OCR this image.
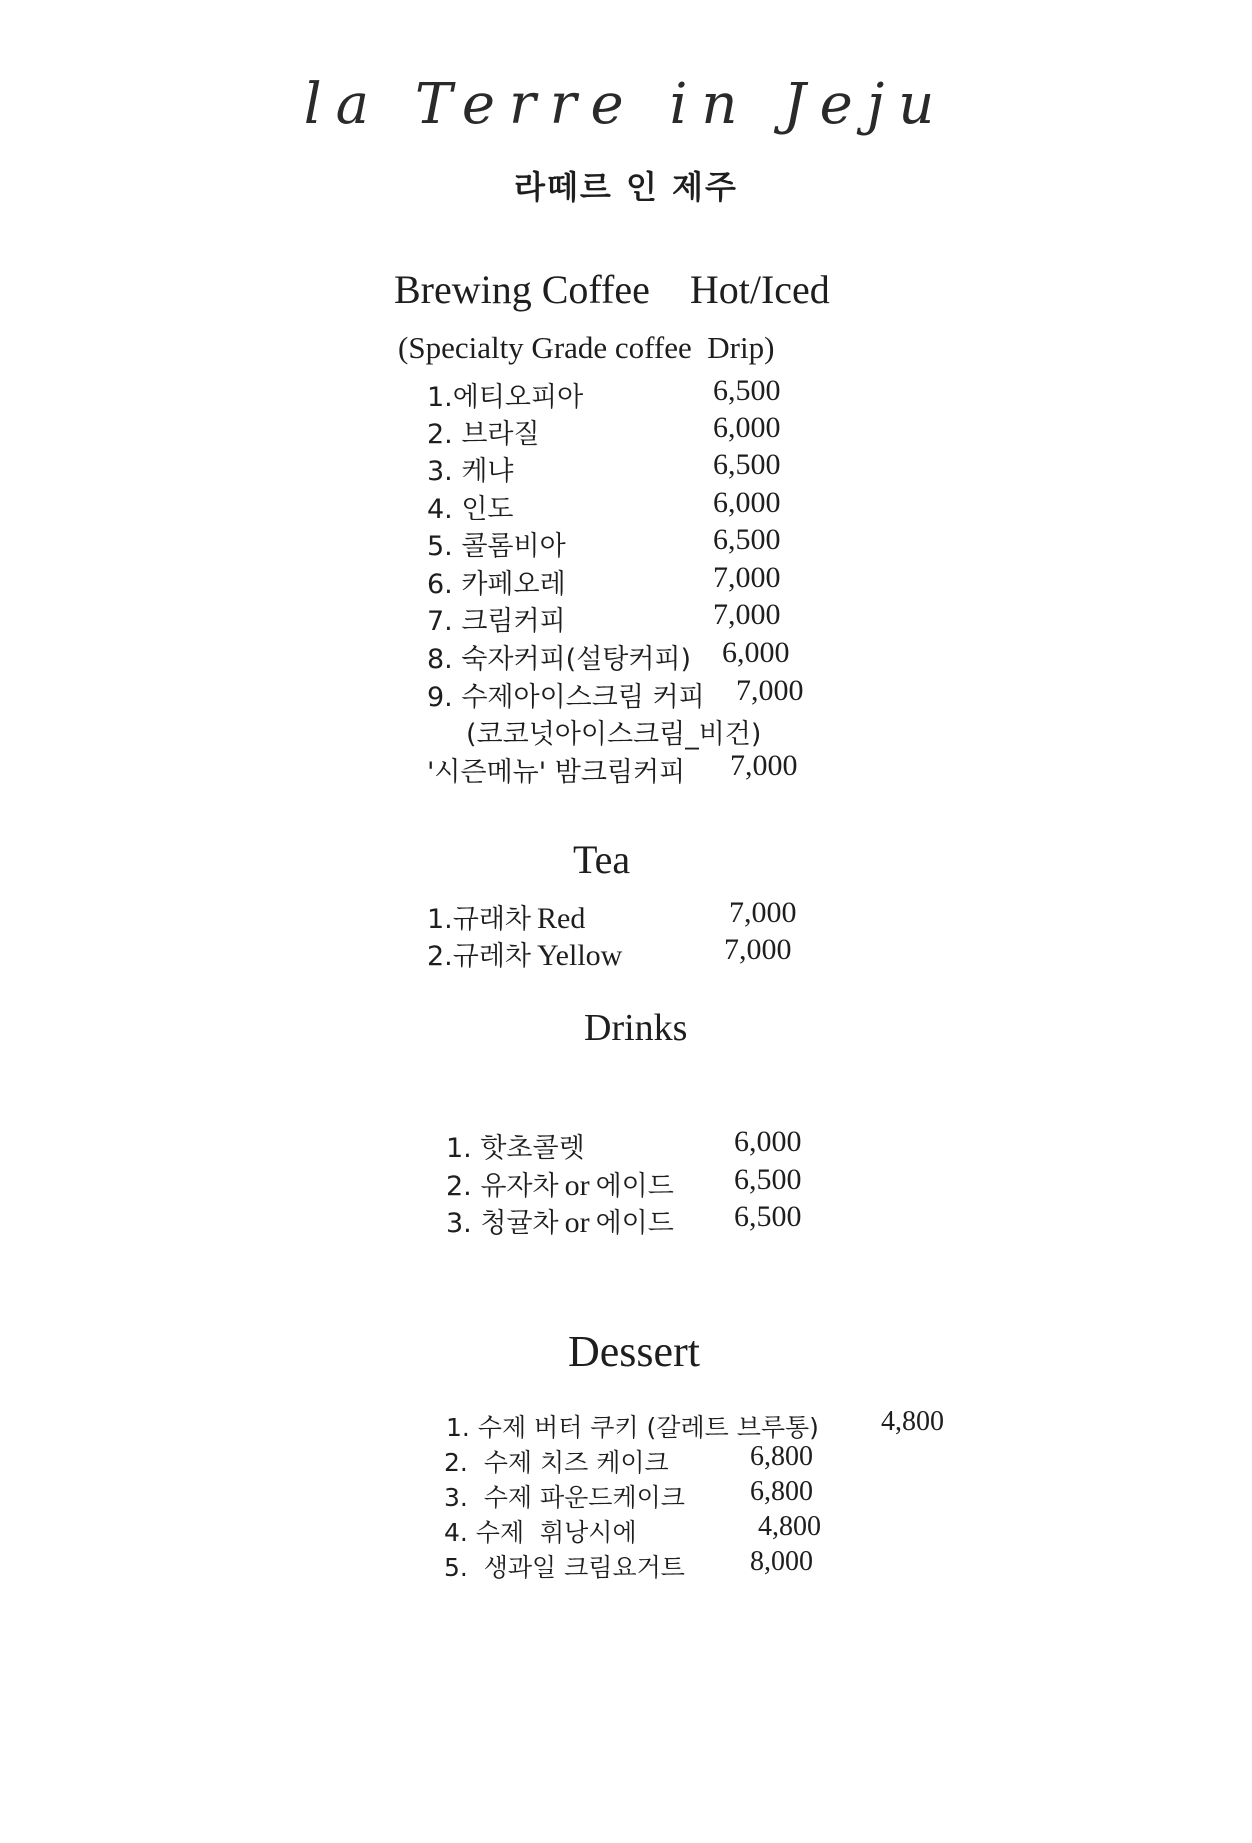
la Terre in Jeju
라떼르 인 제주
Brewing Coffee    Hot/Iced
(Specialty Grade coffee  Drip)
1.에티오피아	6,500
2. 브라질	6,000
3. 케냐	6,500
4. 인도	6,000
5. 콜롬비아	6,500
6. 카페오레	7,000
7. 크림커피	7,000
8. 숙자커피(설탕커피) 6,000
9. 수제아이스크림 커피 7,000
(코코넛아이스크림_비건)
'시즌메뉴' 밤크림커피 7,000
Tea
1.규래차 Red	7,000
2.규레차 Yellow	7,000
Drinks
1. 핫초콜렛	6,000
2. 유자차 or 에이드 6,500
3. 청귤차 or 에이드 6,500
Dessert
1. 수제 버터 쿠키 (갈레트 브루통) 4,800
2.  수제 치즈 케이크	6,800
3.  수제 파운드케이크 6,800
4. 수제  휘낭시에	4,800
5.  생과일 크림요거트 8,000
